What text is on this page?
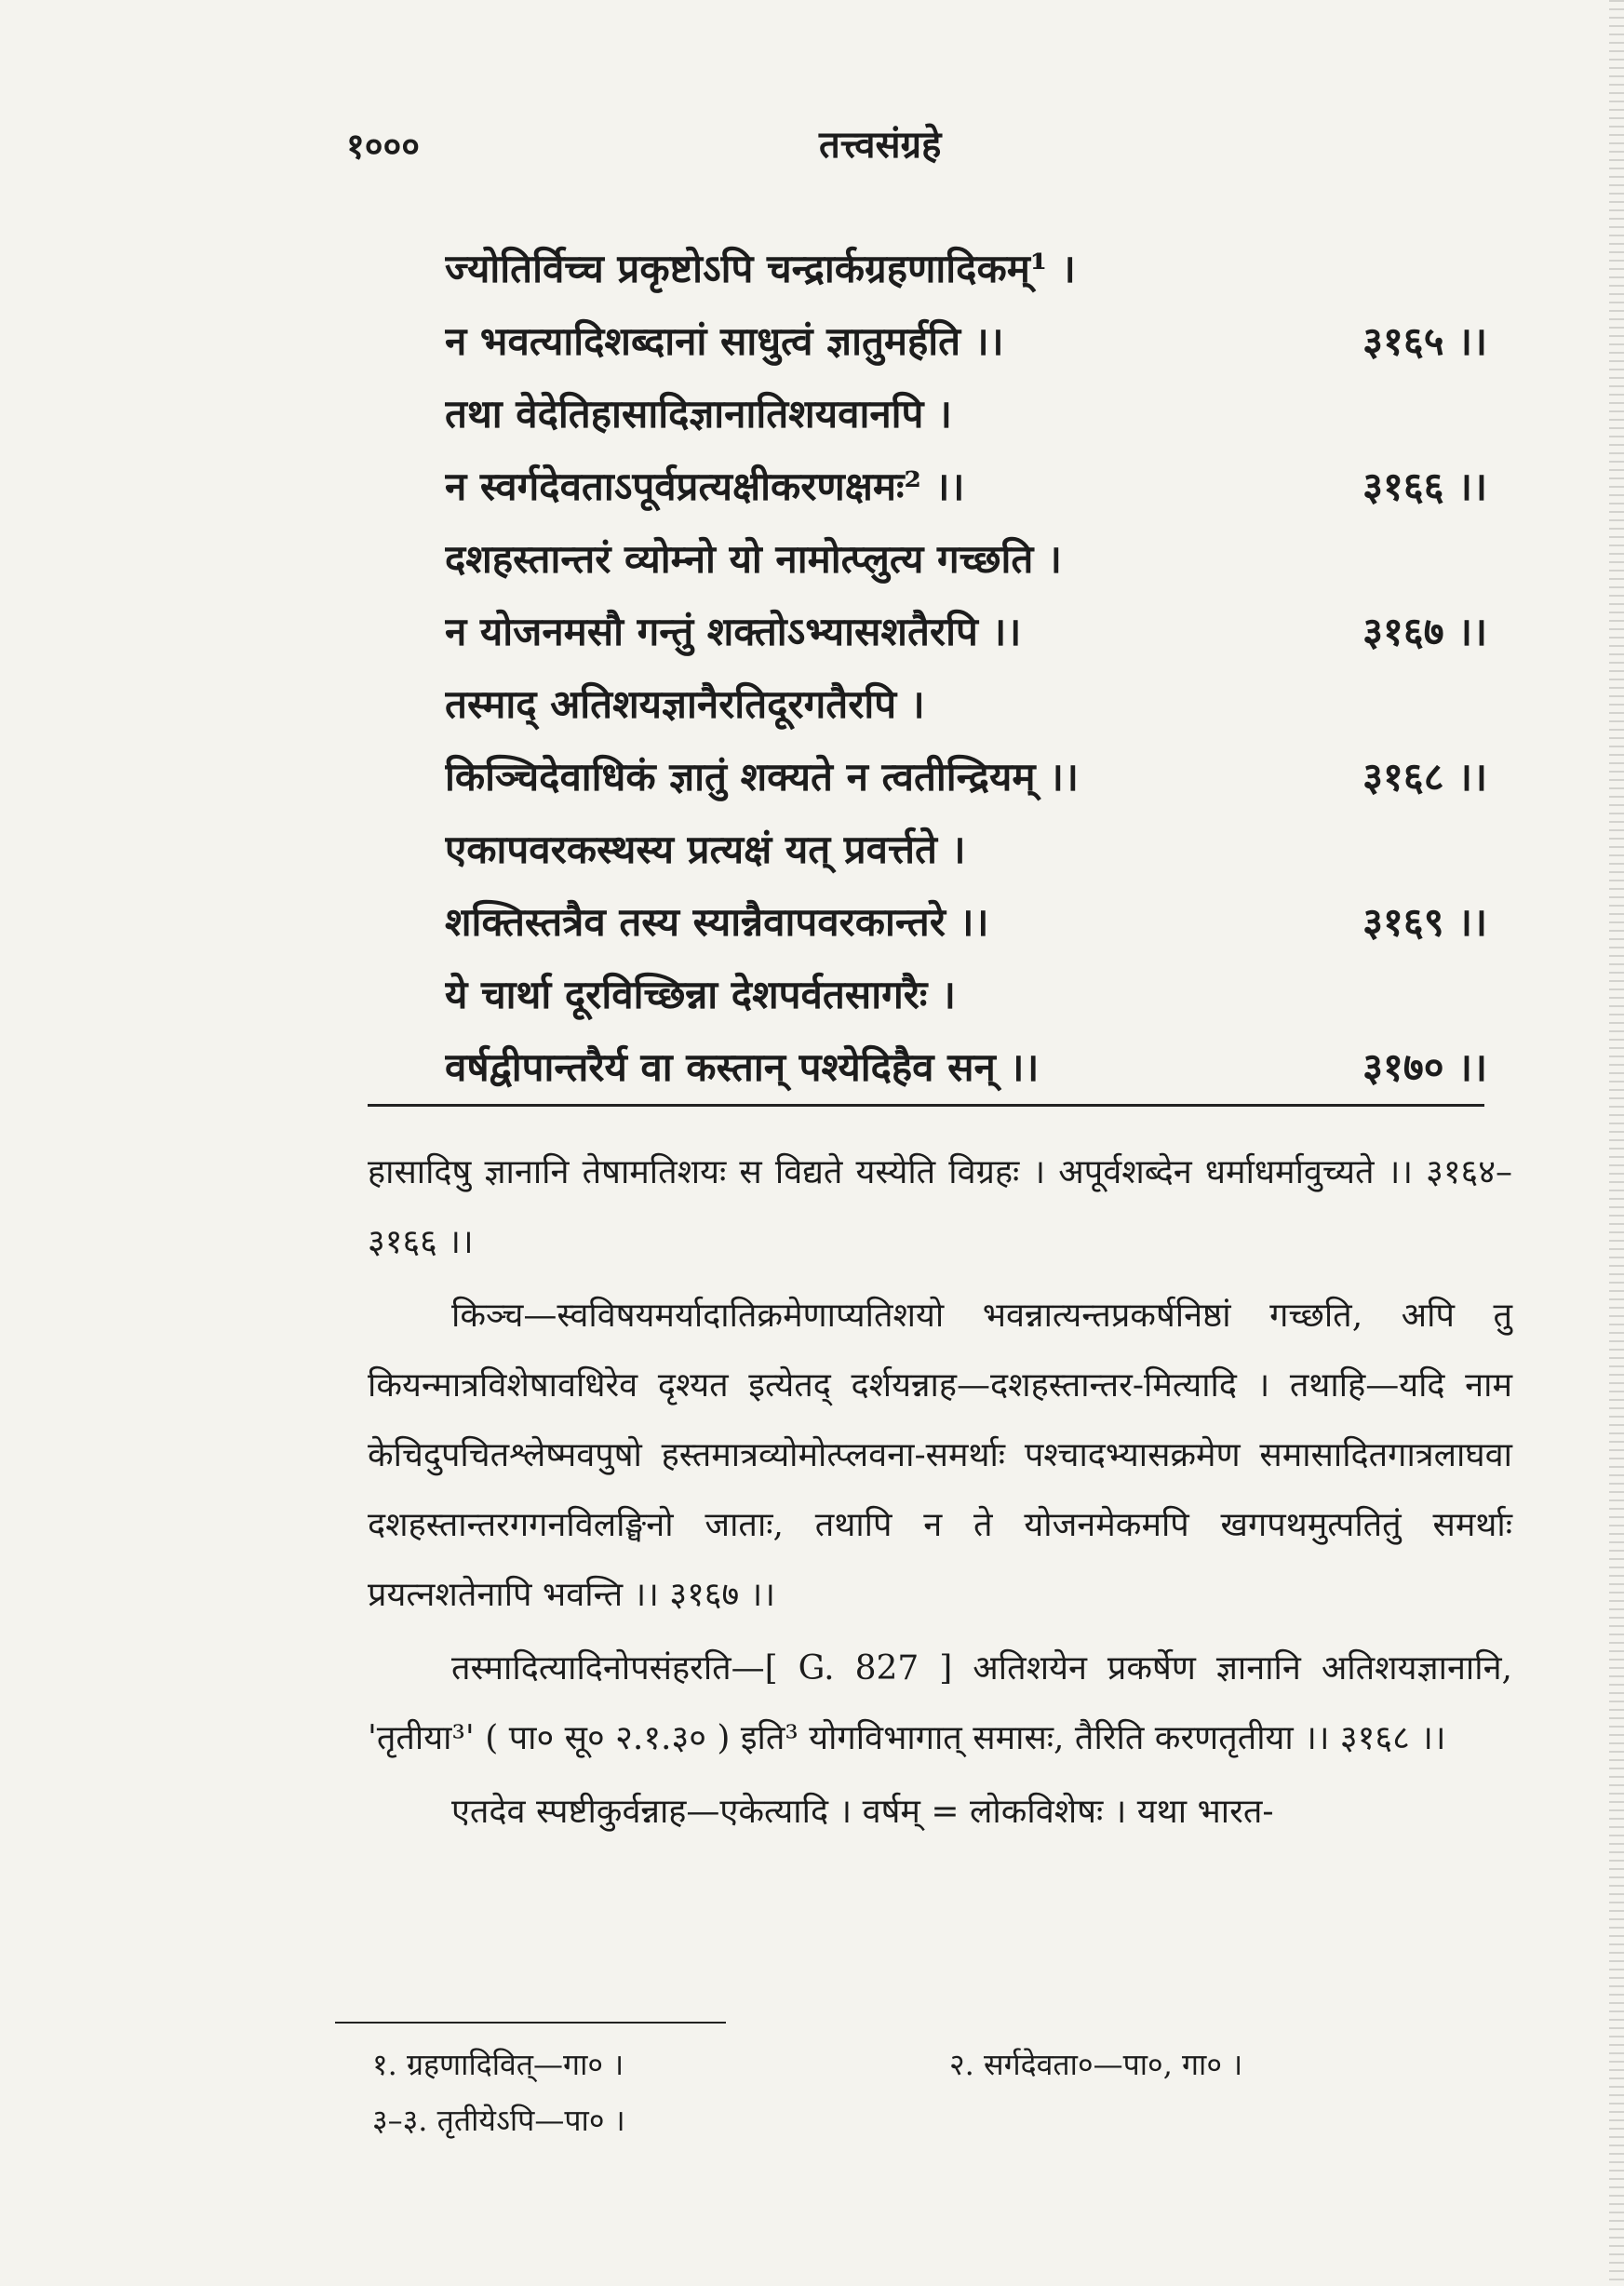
१०००	तत्त्वसंग्रहे
ज्योतिर्विच्च प्रकृष्टोऽपि चन्द्रार्कग्रहणादिकम्¹ ।
न भवत्यादिशब्दानां साधुत्वं ज्ञातुमर्हति ।।	३१६५ ।।
तथा वेदेतिहासादिज्ञानातिशयवानपि ।
न स्वर्गदेवताऽपूर्वप्रत्यक्षीकरणक्षमः² ।।	३१६६ ।।
दशहस्तान्तरं व्योम्नो यो नामोत्प्लुत्य गच्छति ।
न योजनमसौ गन्तुं शक्तोऽभ्यासशतैरपि ।।	३१६७ ।।
तस्माद् अतिशयज्ञानैरतिदूरगतैरपि ।
किञ्चिदेवाधिकं ज्ञातुं शक्यते न त्वतीन्द्रियम् ।।	३१६८ ।।
एकापवरकस्थस्य प्रत्यक्षं यत् प्रवर्त्तते ।
शक्तिस्तत्रैव तस्य स्यान्नैवापवरकान्तरे ।।	३१६९ ।।
ये चार्था दूरविच्छिन्ना देशपर्वतसागरैः ।
वर्षद्वीपान्तरैर्य वा कस्तान् पश्येदिहैव सन् ।।	३१७० ।।

हासादिषु ज्ञानानि तेषामतिशयः स विद्यते यस्येति विग्रहः । अपूर्वशब्देन धर्माधर्मावुच्यते ।। ३१६४–३१६६ ।।

किञ्च—स्वविषयमर्यादातिक्रमेणाप्यतिशयो भवन्नात्यन्तप्रकर्षनिष्ठां गच्छति, अपि तु कियन्मात्रविशेषावधिरेव दृश्यत इत्येतद् दर्शयन्नाह—दशहस्तान्तर-मित्यादि । तथाहि—यदि नाम केचिदुपचितश्लेष्मवपुषो हस्तमात्रव्योमोत्प्लवना-समर्थाः पश्चादभ्यासक्रमेण समासादितगात्रलाघवा दशहस्तान्तरगगनविलङ्घिनो जाताः, तथापि न ते योजनमेकमपि खगपथमुत्पतितुं समर्थाः प्रयत्नशतेनापि भवन्ति ।। ३१६७ ।।

तस्मादित्यादिनोपसंहरति—[ G. 827 ] अतिशयेन प्रकर्षेण ज्ञानानि अतिशयज्ञानानि, 'तृतीया³' ( पा० सू० २.१.३० ) इति³ योगविभागात् समासः, तैरिति करणतृतीया ।। ३१६८ ।।

एतदेव स्पष्टीकुर्वन्नाह—एकेत्यादि । वर्षम् = लोकविशेषः । यथा भारत-

१. ग्रहणादिवित्—गा० ।	२. सर्गदेवता०—पा०, गा० ।
३–३. तृतीयेऽपि—पा० ।
